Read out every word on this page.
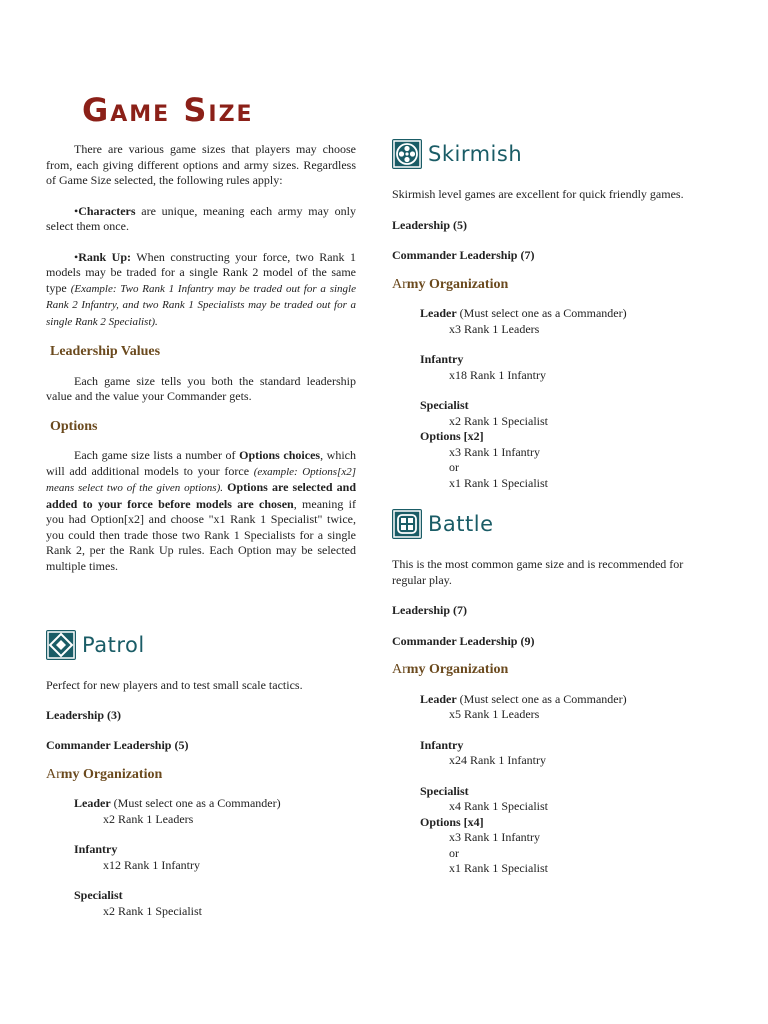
Game Size
There are various game sizes that players may choose from, each giving different options and army sizes. Regardless of Game Size selected, the following rules apply:
•Characters are unique, meaning each army may only select them once.
•Rank Up: When constructing your force, two Rank 1 models may be traded for a single Rank 2 model of the same type (Example: Two Rank 1 Infantry may be traded out for a single Rank 2 Infantry, and two Rank 1 Specialists may be traded out for a single Rank 2 Specialist).
Leadership Values
Each game size tells you both the standard leadership value and the value your Commander gets.
Options
Each game size lists a number of Options choices, which will add additional models to your force (example: Options[x2] means select two of the given options). Options are selected and added to your force before models are chosen, meaning if you had Option[x2] and choose "x1 Rank 1 Specialist" twice, you could then trade those two Rank 1 Specialists for a single Rank 2, per the Rank Up rules. Each Option may be selected multiple times.
Patrol
Perfect for new players and to test small scale tactics.
Leadership (3)
Commander Leadership (5)
Army Organization
Leader (Must select one as a Commander)
x2 Rank 1 Leaders
Infantry
x12 Rank 1 Infantry
Specialist
x2 Rank 1 Specialist
Skirmish
Skirmish level games are excellent for quick friendly games.
Leadership (5)
Commander Leadership (7)
Army Organization
Leader (Must select one as a Commander)
x3 Rank 1 Leaders
Infantry
x18 Rank 1 Infantry
Specialist
x2 Rank 1 Specialist
Options [x2]
x3 Rank 1 Infantry
or
x1 Rank 1 Specialist
Battle
This is the most common game size and is recommended for regular play.
Leadership (7)
Commander Leadership (9)
Army Organization
Leader (Must select one as a Commander)
x5 Rank 1 Leaders
Infantry
x24 Rank 1 Infantry
Specialist
x4 Rank 1 Specialist
Options [x4]
x3 Rank 1 Infantry
or
x1 Rank 1 Specialist
